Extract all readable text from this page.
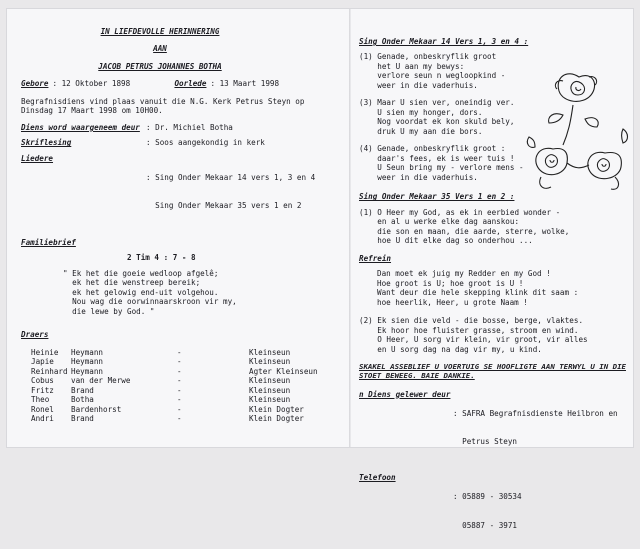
IN LIEFDEVOLLE HERINNERING
AAN
JACOB PETRUS JOHANNES BOTHA
Gebore : 12 Oktober 1898	Oorlede : 13 Maart 1998
Begrafnisdiens vind plaas vanuit die N.G. Kerk Petrus Steyn op
Dinsdag 17 Maart 1998 om 10H00.
Diens word waargeneem deur : Dr. Michiel Botha
Skriflesing	: Soos aangekondig in kerk
Liedere

: Sing Onder Mekaar 14 vers 1, 3 en 4

Sing Onder Mekaar 35 vers 1 en 2

Familiebrief
2 Tim 4 : 7 - 8
" Ek het die goeie wedloop afgelê;
ek het die wenstreep bereik;
ek het gelowig end-uit volgehou.
Nou wag die oorwinnaarskroon vir my,
die lewe by God. "
Draers
Heinie	Heymann	-	Kleinseun
Japie	Heymann	-	Kleinseun
Reinhard Heymann	-	Agter Kleinseun
Cobus	van der Merwe	-	Kleinseun
Fritz	Brand	-	Kleinseun
Theo	Botha	-	Kleinseun
Ronel	Bardenhorst	-	Klein Dogter
Andri	Brand	-	Klein Dogter
Sing Onder Mekaar 14 Vers 1, 3 en 4 :
(1) Genade, onbeskryflik groot
het U aan my bewys:
verlore seun n wegloopkind -
weer in die vaderhuis.
(3) Maar U sien ver, oneindig ver.
U sien my honger, dors.
Nog voordat ek kon skuld bely,
druk U my aan die bors.
(4) Genade, onbeskryflik groot :
daar's fees, ek is weer tuis !
U Seun bring my - verlore mens -
weer in die vaderhuis.
Sing Onder Mekaar 35 Vers 1 en 2 :
(1) O Heer my God, as ek in eerbied wonder -
en al u werke elke dag aanskou:
die son en maan, die aarde, sterre, wolke,
hoe U dit elke dag so onderhou ...
Refrein
Dan moet ek juig my Redder en my God !
Hoe groot is U; hoe groot is U !
Want deur die hele skepping klink dit saam :
hoe heerlik, Heer, u grote Naam !
(2) Ek sien die veld - die bosse, berge, vlaktes.
Ek hoor hoe fluister grasse, stroom en wind.
O Heer, U sorg vir klein, vir groot, vir alles
en U sorg dag na dag vir my, u kind.
SKAKEL ASSEBLIEF U VOERTUIG SE HOOFLIGTE AAN TERWYL U IN DIE
STOET BEWEEG. BAIE DANKIE.
n Diens gelewer deur

: SAFRA Begrafnisdienste Heilbron en

Petrus Steyn

Telefoon

: 05889 - 30534

05887 - 3971
